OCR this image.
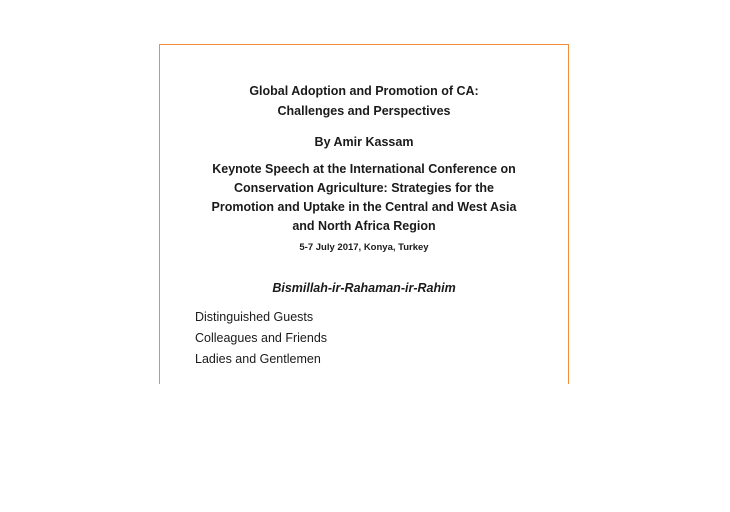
Global Adoption and Promotion of CA:
Challenges and Perspectives
By Amir Kassam
Keynote Speech at the International Conference on
Conservation Agriculture: Strategies for the
Promotion and Uptake in the Central and West Asia
and North Africa Region
5-7 July 2017, Konya, Turkey
Bismillah-ir-Rahaman-ir-Rahim
Distinguished Guests
Colleagues and Friends
Ladies and Gentlemen
